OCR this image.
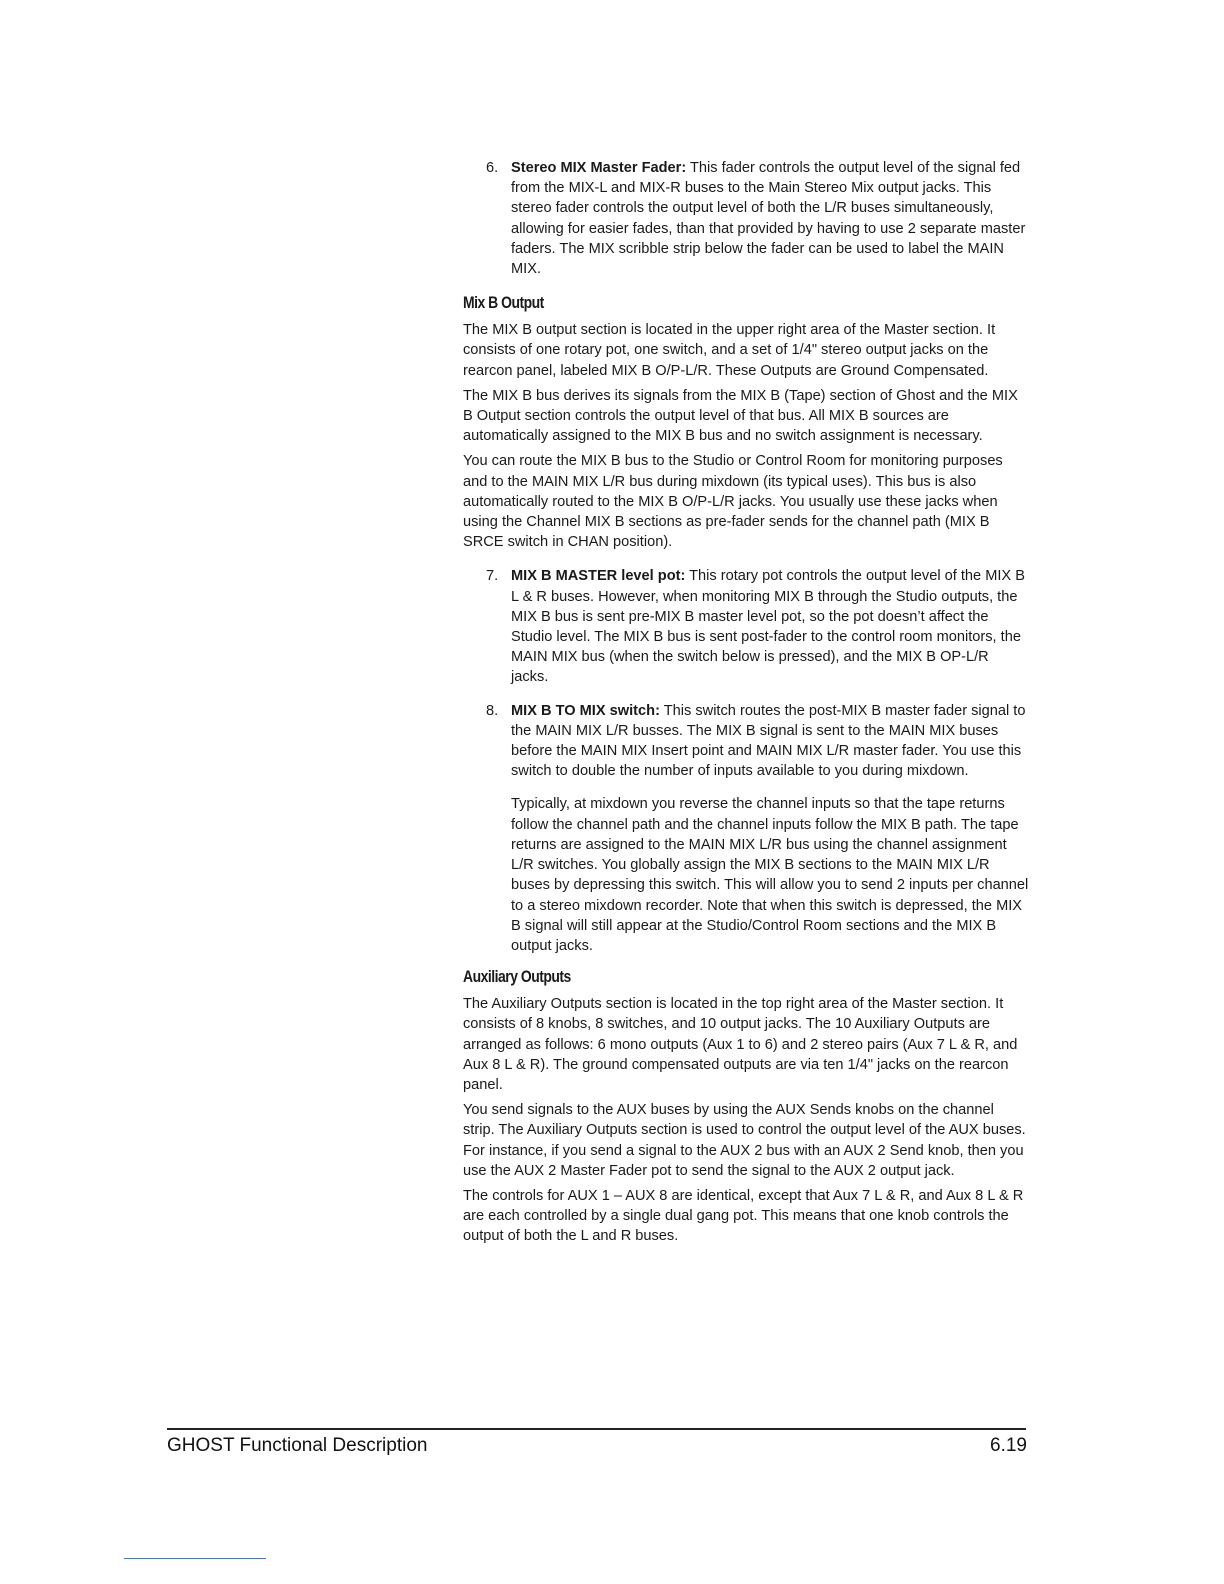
6. Stereo MIX Master Fader: This fader controls the output level of the signal fed from the MIX-L and MIX-R buses to the Main Stereo Mix output jacks. This stereo fader controls the output level of both the L/R buses simultaneously, allowing for easier fades, than that provided by having to use 2 separate master faders. The MIX scribble strip below the fader can be used to label the MAIN MIX.
Mix B Output

The MIX B output section is located in the upper right area of the Master section. It consists of one rotary pot, one switch, and a set of 1/4" stereo output jacks on the rearcon panel, labeled MIX B O/P-L/R. These Outputs are Ground Compensated.

The MIX B bus derives its signals from the MIX B (Tape) section of Ghost and the MIX B Output section controls the output level of that bus. All MIX B sources are automatically assigned to the MIX B bus and no switch assignment is necessary.

You can route the MIX B bus to the Studio or Control Room for monitoring purposes and to the MAIN MIX L/R bus during mixdown (its typical uses). This bus is also automatically routed to the MIX B O/P-L/R jacks. You usually use these jacks when using the Channel MIX B sections as pre-fader sends for the channel path (MIX B SRCE switch in CHAN position).

7. MIX B MASTER level pot: This rotary pot controls the output level of the MIX B L & R buses. However, when monitoring MIX B through the Studio outputs, the MIX B bus is sent pre-MIX B master level pot, so the pot doesn’t affect the Studio level. The MIX B bus is sent post-fader to the control room monitors, the MAIN MIX bus (when the switch below is pressed), and the MIX B OP-L/R jacks.
8. MIX B TO MIX switch: This switch routes the post-MIX B master fader signal to the MAIN MIX L/R busses. The MIX B signal is sent to the MAIN MIX buses before the MAIN MIX Insert point and MAIN MIX L/R master fader. You use this switch to double the number of inputs available to you during mixdown.

Typically, at mixdown you reverse the channel inputs so that the tape returns follow the channel path and the channel inputs follow the MIX B path. The tape returns are assigned to the MAIN MIX L/R bus using the channel assignment L/R switches. You globally assign the MIX B sections to the MAIN MIX L/R buses by depressing this switch. This will allow you to send 2 inputs per channel to a stereo mixdown recorder. Note that when this switch is depressed, the MIX B signal will still appear at the Studio/Control Room sections and the MIX B output jacks.

Auxiliary Outputs

The Auxiliary Outputs section is located in the top right area of the Master section. It consists of 8 knobs, 8 switches, and 10 output jacks. The 10 Auxiliary Outputs are arranged as follows: 6 mono outputs (Aux 1 to 6) and 2 stereo pairs (Aux 7 L & R, and Aux 8 L & R). The ground compensated outputs are via ten 1/4" jacks on the rearcon panel.

You send signals to the AUX buses by using the AUX Sends knobs on the channel strip. The Auxiliary Outputs section is used to control the output level of the AUX buses. For instance, if you send a signal to the AUX 2 bus with an AUX 2 Send knob, then you use the AUX 2 Master Fader pot to send the signal to the AUX 2 output jack.

The controls for AUX 1 – AUX 8 are identical, except that Aux 7 L & R, and Aux 8 L & R are each controlled by a single dual gang pot. This means that one knob controls the output of both the L and R buses.

GHOST Functional Description	6.19
